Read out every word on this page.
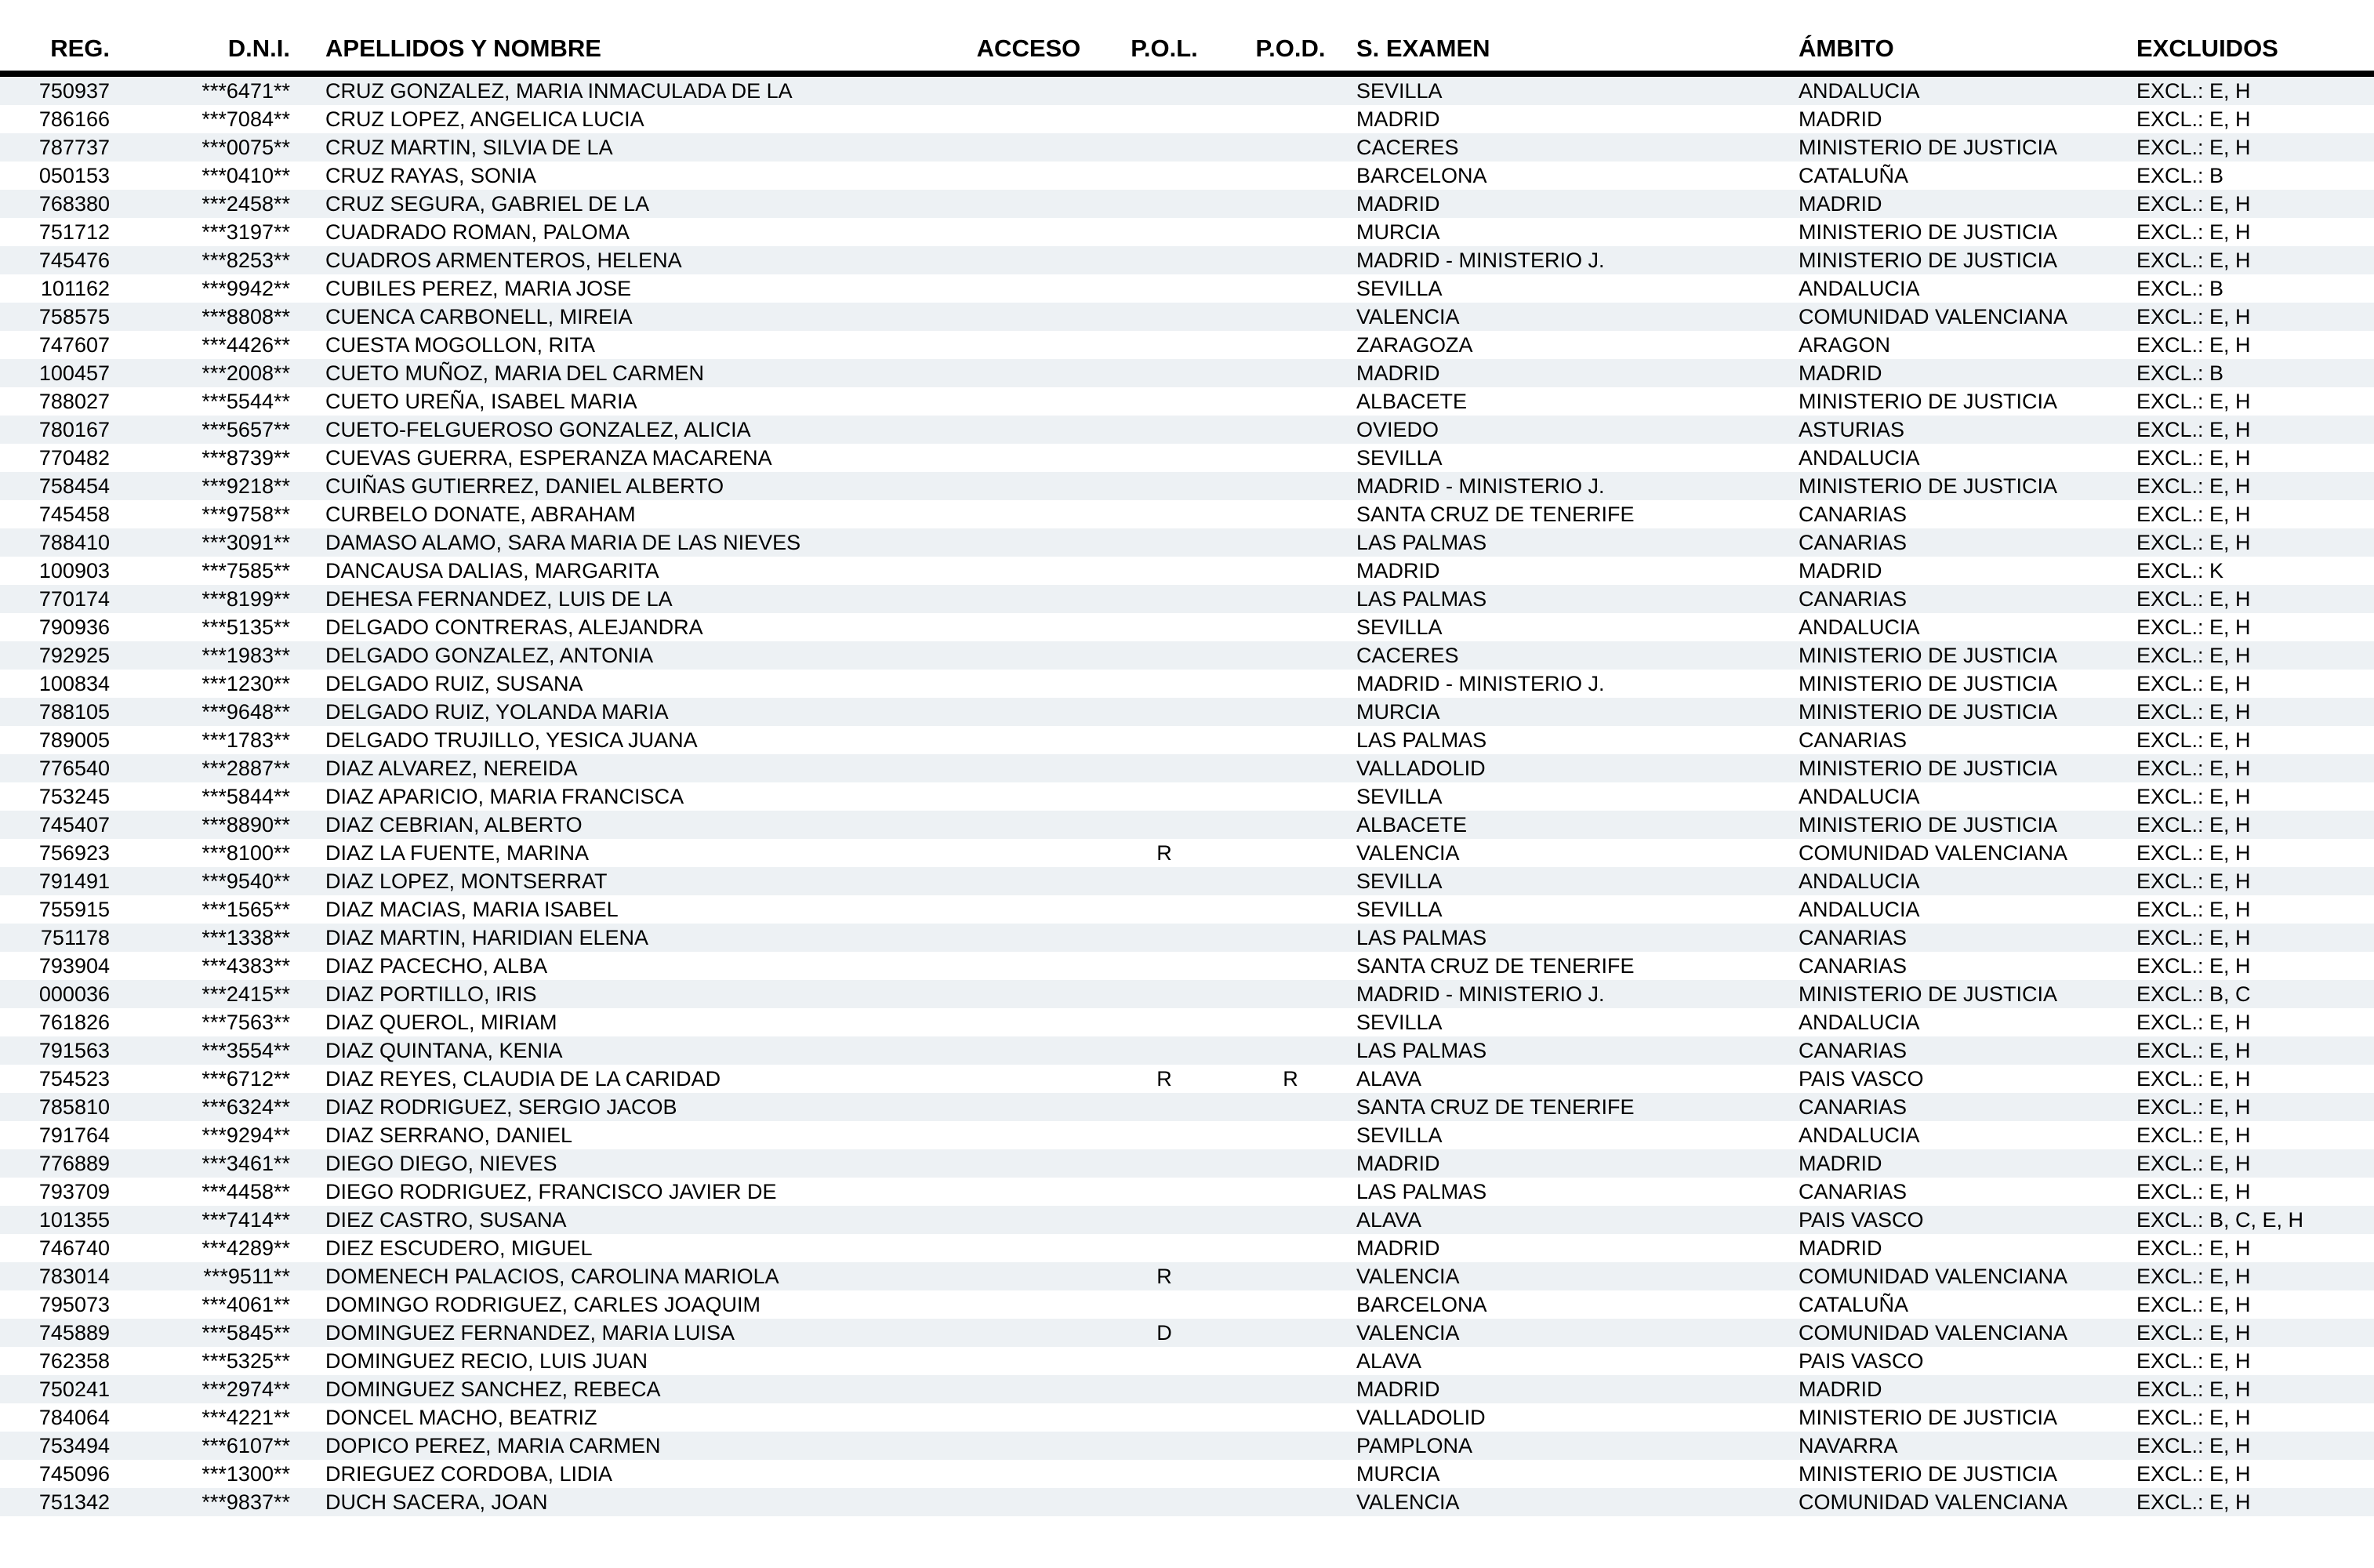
REG.	D.N.I.	APELLIDOS Y NOMBRE	ACCESO	P.O.L.	P.O.D.	S. EXAMEN	ÁMBITO	EXCLUIDOS
750937	***6471**	CRUZ GONZALEZ, MARIA INMACULADA DE LA				SEVILLA	ANDALUCIA	EXCL.: E, H
786166	***7084**	CRUZ LOPEZ, ANGELICA LUCIA				MADRID	MADRID	EXCL.: E, H
787737	***0075**	CRUZ MARTIN, SILVIA DE LA				CACERES	MINISTERIO DE JUSTICIA	EXCL.: E, H
050153	***0410**	CRUZ RAYAS, SONIA				BARCELONA	CATALUÑA	EXCL.: B
768380	***2458**	CRUZ SEGURA, GABRIEL DE LA				MADRID	MADRID	EXCL.: E, H
751712	***3197**	CUADRADO ROMAN, PALOMA				MURCIA	MINISTERIO DE JUSTICIA	EXCL.: E, H
745476	***8253**	CUADROS ARMENTEROS, HELENA				MADRID - MINISTERIO J.	MINISTERIO DE JUSTICIA	EXCL.: E, H
101162	***9942**	CUBILES PEREZ, MARIA JOSE				SEVILLA	ANDALUCIA	EXCL.: B
758575	***8808**	CUENCA CARBONELL, MIREIA				VALENCIA	COMUNIDAD VALENCIANA	EXCL.: E, H
747607	***4426**	CUESTA MOGOLLON, RITA				ZARAGOZA	ARAGON	EXCL.: E, H
100457	***2008**	CUETO MUÑOZ, MARIA DEL CARMEN				MADRID	MADRID	EXCL.: B
788027	***5544**	CUETO UREÑA, ISABEL MARIA				ALBACETE	MINISTERIO DE JUSTICIA	EXCL.: E, H
780167	***5657**	CUETO-FELGUEROSO GONZALEZ, ALICIA				OVIEDO	ASTURIAS	EXCL.: E, H
770482	***8739**	CUEVAS GUERRA, ESPERANZA MACARENA				SEVILLA	ANDALUCIA	EXCL.: E, H
758454	***9218**	CUIÑAS GUTIERREZ, DANIEL ALBERTO				MADRID - MINISTERIO J.	MINISTERIO DE JUSTICIA	EXCL.: E, H
745458	***9758**	CURBELO DONATE, ABRAHAM				SANTA CRUZ DE TENERIFE	CANARIAS	EXCL.: E, H
788410	***3091**	DAMASO ALAMO, SARA MARIA DE LAS NIEVES				LAS PALMAS	CANARIAS	EXCL.: E, H
100903	***7585**	DANCAUSA DALIAS, MARGARITA				MADRID	MADRID	EXCL.: K
770174	***8199**	DEHESA FERNANDEZ, LUIS DE LA				LAS PALMAS	CANARIAS	EXCL.: E, H
790936	***5135**	DELGADO CONTRERAS, ALEJANDRA				SEVILLA	ANDALUCIA	EXCL.: E, H
792925	***1983**	DELGADO GONZALEZ, ANTONIA				CACERES	MINISTERIO DE JUSTICIA	EXCL.: E, H
100834	***1230**	DELGADO RUIZ, SUSANA				MADRID - MINISTERIO J.	MINISTERIO DE JUSTICIA	EXCL.: E, H
788105	***9648**	DELGADO RUIZ, YOLANDA MARIA				MURCIA	MINISTERIO DE JUSTICIA	EXCL.: E, H
789005	***1783**	DELGADO TRUJILLO, YESICA JUANA				LAS PALMAS	CANARIAS	EXCL.: E, H
776540	***2887**	DIAZ ALVAREZ, NEREIDA				VALLADOLID	MINISTERIO DE JUSTICIA	EXCL.: E, H
753245	***5844**	DIAZ APARICIO, MARIA FRANCISCA				SEVILLA	ANDALUCIA	EXCL.: E, H
745407	***8890**	DIAZ CEBRIAN, ALBERTO				ALBACETE	MINISTERIO DE JUSTICIA	EXCL.: E, H
756923	***8100**	DIAZ LA FUENTE, MARINA		R		VALENCIA	COMUNIDAD VALENCIANA	EXCL.: E, H
791491	***9540**	DIAZ LOPEZ, MONTSERRAT				SEVILLA	ANDALUCIA	EXCL.: E, H
755915	***1565**	DIAZ MACIAS, MARIA ISABEL				SEVILLA	ANDALUCIA	EXCL.: E, H
751178	***1338**	DIAZ MARTIN, HARIDIAN ELENA				LAS PALMAS	CANARIAS	EXCL.: E, H
793904	***4383**	DIAZ PACECHO, ALBA				SANTA CRUZ DE TENERIFE	CANARIAS	EXCL.: E, H
000036	***2415**	DIAZ PORTILLO, IRIS				MADRID - MINISTERIO J.	MINISTERIO DE JUSTICIA	EXCL.: B, C
761826	***7563**	DIAZ QUEROL, MIRIAM				SEVILLA	ANDALUCIA	EXCL.: E, H
791563	***3554**	DIAZ QUINTANA, KENIA				LAS PALMAS	CANARIAS	EXCL.: E, H
754523	***6712**	DIAZ REYES, CLAUDIA DE LA CARIDAD		R	R	ALAVA	PAIS VASCO	EXCL.: E, H
785810	***6324**	DIAZ RODRIGUEZ, SERGIO JACOB				SANTA CRUZ DE TENERIFE	CANARIAS	EXCL.: E, H
791764	***9294**	DIAZ SERRANO, DANIEL				SEVILLA	ANDALUCIA	EXCL.: E, H
776889	***3461**	DIEGO DIEGO, NIEVES				MADRID	MADRID	EXCL.: E, H
793709	***4458**	DIEGO RODRIGUEZ, FRANCISCO JAVIER DE				LAS PALMAS	CANARIAS	EXCL.: E, H
101355	***7414**	DIEZ CASTRO, SUSANA				ALAVA	PAIS VASCO	EXCL.: B, C, E, H
746740	***4289**	DIEZ ESCUDERO, MIGUEL				MADRID	MADRID	EXCL.: E, H
783014	***9511**	DOMENECH PALACIOS, CAROLINA MARIOLA		R		VALENCIA	COMUNIDAD VALENCIANA	EXCL.: E, H
795073	***4061**	DOMINGO RODRIGUEZ, CARLES JOAQUIM				BARCELONA	CATALUÑA	EXCL.: E, H
745889	***5845**	DOMINGUEZ FERNANDEZ, MARIA LUISA		D		VALENCIA	COMUNIDAD VALENCIANA	EXCL.: E, H
762358	***5325**	DOMINGUEZ RECIO, LUIS JUAN				ALAVA	PAIS VASCO	EXCL.: E, H
750241	***2974**	DOMINGUEZ SANCHEZ, REBECA				MADRID	MADRID	EXCL.: E, H
784064	***4221**	DONCEL MACHO, BEATRIZ				VALLADOLID	MINISTERIO DE JUSTICIA	EXCL.: E, H
753494	***6107**	DOPICO PEREZ, MARIA CARMEN				PAMPLONA	NAVARRA	EXCL.: E, H
745096	***1300**	DRIEGUEZ CORDOBA, LIDIA				MURCIA	MINISTERIO DE JUSTICIA	EXCL.: E, H
751342	***9837**	DUCH SACERA, JOAN				VALENCIA	COMUNIDAD VALENCIANA	EXCL.: E, H
